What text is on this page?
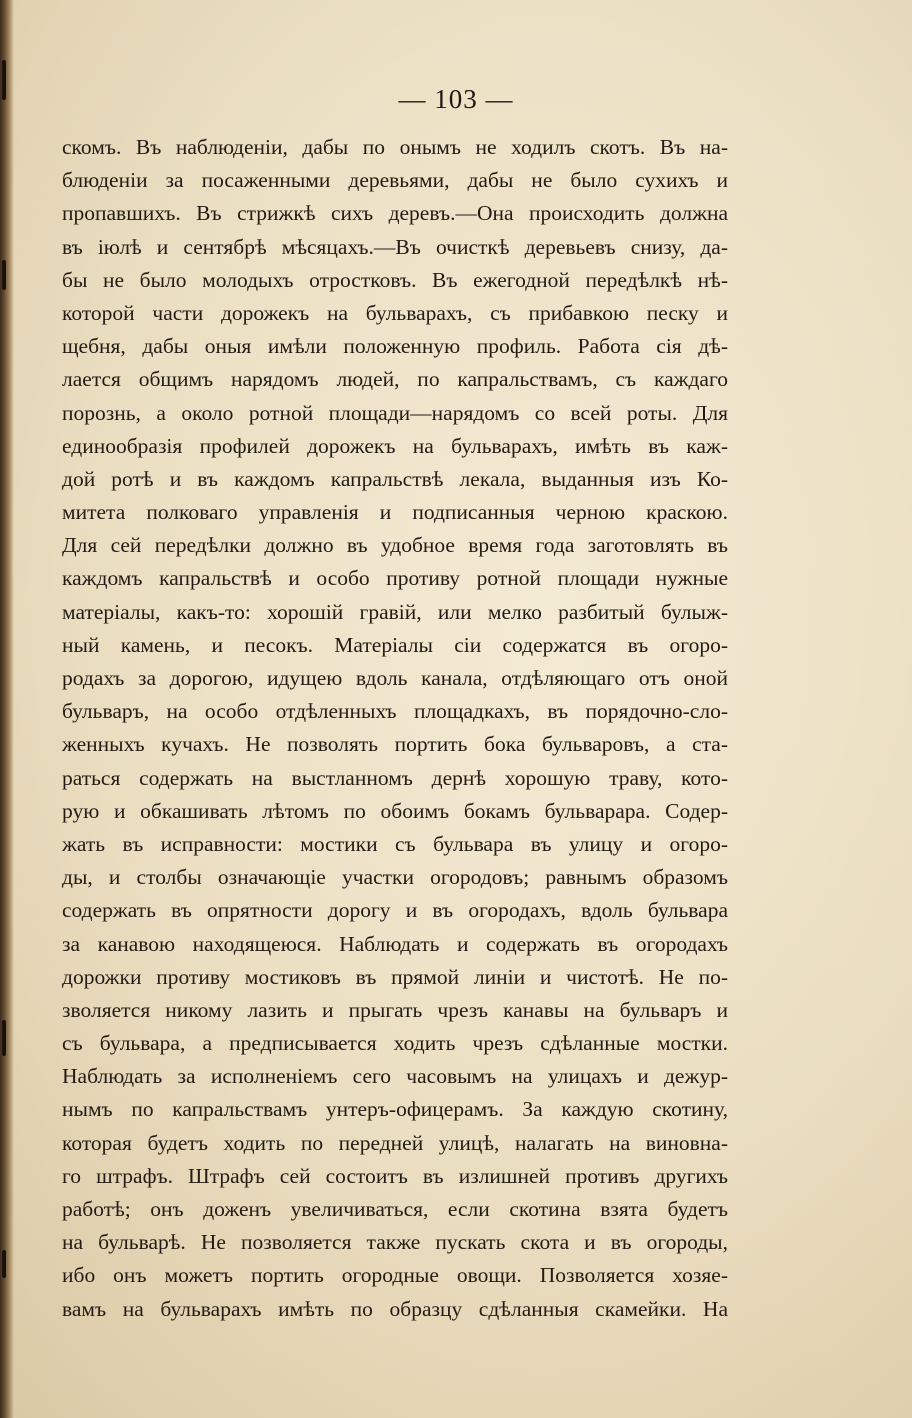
— 103 —
скомъ. Въ наблюденіи, дабы по онымъ не ходилъ скотъ. Въ на-
блюденіи за посаженными деревьями, дабы не было сухихъ и
пропавшихъ. Въ стрижкѣ сихъ деревъ.—Она происходить должна
въ іюлѣ и сентябрѣ мѣсяцахъ.—Въ очисткѣ деревьевъ снизу, да-
бы не было молодыхъ отростковъ. Въ ежегодной передѣлкѣ нѣ-
которой части дорожекъ на бульварахъ, съ прибавкою песку и
щебня, дабы оныя имѣли положенную профиль. Работа сія дѣ-
лается общимъ нарядомъ людей, по капральствамъ, съ каждаго
порознь, а около ротной площади—нарядомъ со всей роты. Для
единообразія профилей дорожекъ на бульварахъ, имѣть въ каж-
дой ротѣ и въ каждомъ капральствѣ лекала, выданныя изъ Ко-
митета полковаго управленія и подписанныя черною краскою.
Для сей передѣлки должно въ удобное время года заготовлять въ
каждомъ капральствѣ и особо противу ротной площади нужные
матеріалы, какъ-то: хорошій гравій, или мелко разбитый булыж-
ный камень, и песокъ. Матеріалы сіи содержатся въ огоро-
родахъ за дорогою, идущею вдоль канала, отдѣляющаго отъ оной
бульваръ, на особо отдѣленныхъ площадкахъ, въ порядочно-сло-
женныхъ кучахъ. Не позволять портить бока бульваровъ, а ста-
раться содержать на выстланномъ дернѣ хорошую траву, кото-
рую и обкашивать лѣтомъ по обоимъ бокамъ бульварара. Содер-
жать въ исправности: мостики съ бульвара въ улицу и огоро-
ды, и столбы означающіе участки огородовъ; равнымъ образомъ
содержать въ опрятности дорогу и въ огородахъ, вдоль бульвара
за канавою находящеюся. Наблюдать и содержать въ огородахъ
дорожки противу мостиковъ въ прямой линіи и чистотѣ. Не по-
зволяется никому лазить и прыгать чрезъ канавы на бульваръ и
съ бульвара, а предписывается ходить чрезъ сдѣланные мостки.
Наблюдать за исполненіемъ сего часовымъ на улицахъ и дежур-
нымъ по капральствамъ унтеръ-офицерамъ. За каждую скотину,
которая будетъ ходить по передней улицѣ, налагать на виновна-
го штрафъ. Штрафъ сей состоитъ въ излишней противъ другихъ
работѣ; онъ доженъ увеличиваться, если скотина взята будетъ
на бульварѣ. Не позволяется также пускать скота и въ огороды,
ибо онъ можетъ портить огородные овощи. Позволяется хозяе-
вамъ на бульварахъ имѣть по образцу сдѣланныя скамейки. На
